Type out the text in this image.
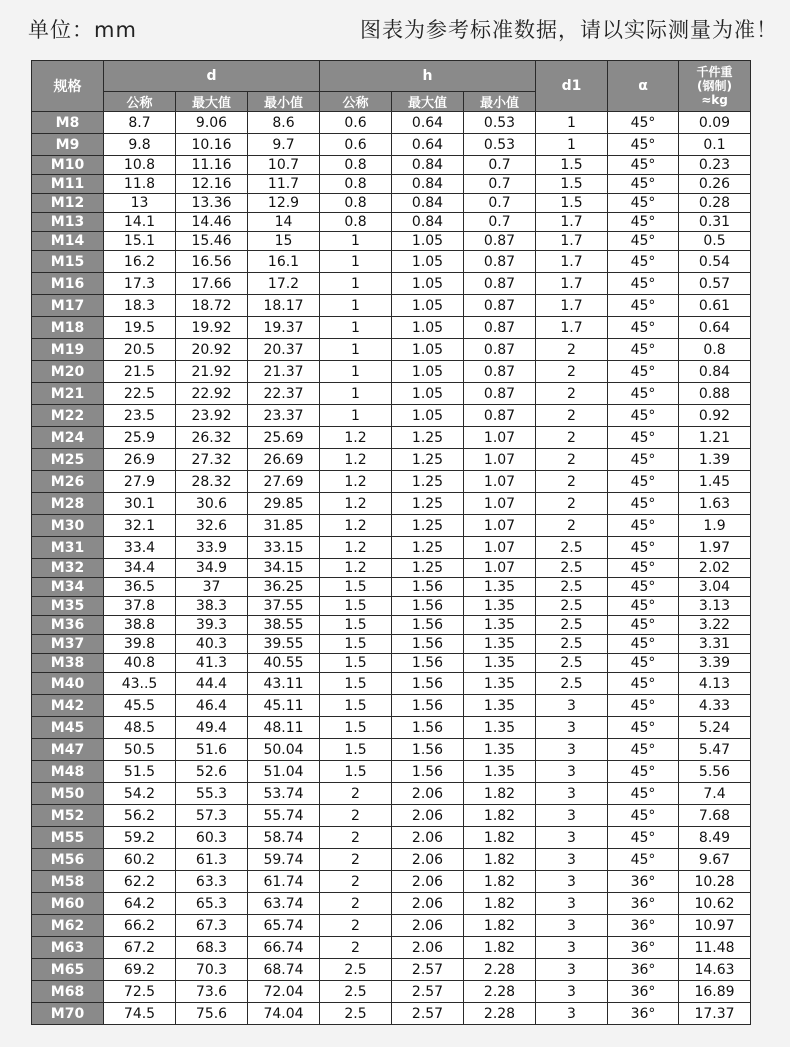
单位：mm	图表为参考标准数据，请以实际测量为准！
规格	d			h			d1	α	千件重
(钢制)
≈kg

	公称	最大值	最小值	公称	最大值	最小值			
M8	8.7	9.06	8.6	0.6	0.64	0.53	1	45°	0.09
M9	9.8	10.16	9.7	0.6	0.64	0.53	1	45°	0.1
M10	10.8	11.16	10.7	0.8	0.84	0.7	1.5	45°	0.23
M11	11.8	12.16	11.7	0.8	0.84	0.7	1.5	45°	0.26
M12	13	13.36	12.9	0.8	0.84	0.7	1.5	45°	0.28
M13	14.1	14.46	14	0.8	0.84	0.7	1.7	45°	0.31
M14	15.1	15.46	15	1	1.05	0.87	1.7	45°	0.5
M15	16.2	16.56	16.1	1	1.05	0.87	1.7	45°	0.54
M16	17.3	17.66	17.2	1	1.05	0.87	1.7	45°	0.57
M17	18.3	18.72	18.17	1	1.05	0.87	1.7	45°	0.61
M18	19.5	19.92	19.37	1	1.05	0.87	1.7	45°	0.64
M19	20.5	20.92	20.37	1	1.05	0.87	2	45°	0.8
M20	21.5	21.92	21.37	1	1.05	0.87	2	45°	0.84
M21	22.5	22.92	22.37	1	1.05	0.87	2	45°	0.88
M22	23.5	23.92	23.37	1	1.05	0.87	2	45°	0.92
M24	25.9	26.32	25.69	1.2	1.25	1.07	2	45°	1.21
M25	26.9	27.32	26.69	1.2	1.25	1.07	2	45°	1.39
M26	27.9	28.32	27.69	1.2	1.25	1.07	2	45°	1.45
M28	30.1	30.6	29.85	1.2	1.25	1.07	2	45°	1.63
M30	32.1	32.6	31.85	1.2	1.25	1.07	2	45°	1.9
M31	33.4	33.9	33.15	1.2	1.25	1.07	2.5	45°	1.97
M32	34.4	34.9	34.15	1.2	1.25	1.07	2.5	45°	2.02
M34	36.5	37	36.25	1.5	1.56	1.35	2.5	45°	3.04
M35	37.8	38.3	37.55	1.5	1.56	1.35	2.5	45°	3.13
M36	38.8	39.3	38.55	1.5	1.56	1.35	2.5	45°	3.22
M37	39.8	40.3	39.55	1.5	1.56	1.35	2.5	45°	3.31
M38	40.8	41.3	40.55	1.5	1.56	1.35	2.5	45°	3.39
M40	43..5	44.4	43.11	1.5	1.56	1.35	2.5	45°	4.13
M42	45.5	46.4	45.11	1.5	1.56	1.35	3	45°	4.33
M45	48.5	49.4	48.11	1.5	1.56	1.35	3	45°	5.24
M47	50.5	51.6	50.04	1.5	1.56	1.35	3	45°	5.47
M48	51.5	52.6	51.04	1.5	1.56	1.35	3	45°	5.56
M50	54.2	55.3	53.74	2	2.06	1.82	3	45°	7.4
M52	56.2	57.3	55.74	2	2.06	1.82	3	45°	7.68
M55	59.2	60.3	58.74	2	2.06	1.82	3	45°	8.49
M56	60.2	61.3	59.74	2	2.06	1.82	3	45°	9.67
M58	62.2	63.3	61.74	2	2.06	1.82	3	36°	10.28
M60	64.2	65.3	63.74	2	2.06	1.82	3	36°	10.62
M62	66.2	67.3	65.74	2	2.06	1.82	3	36°	10.97
M63	67.2	68.3	66.74	2	2.06	1.82	3	36°	11.48
M65	69.2	70.3	68.74	2.5	2.57	2.28	3	36°	14.63
M68	72.5	73.6	72.04	2.5	2.57	2.28	3	36°	16.89
M70	74.5	75.6	74.04	2.5	2.57	2.28	3	36°	17.37
